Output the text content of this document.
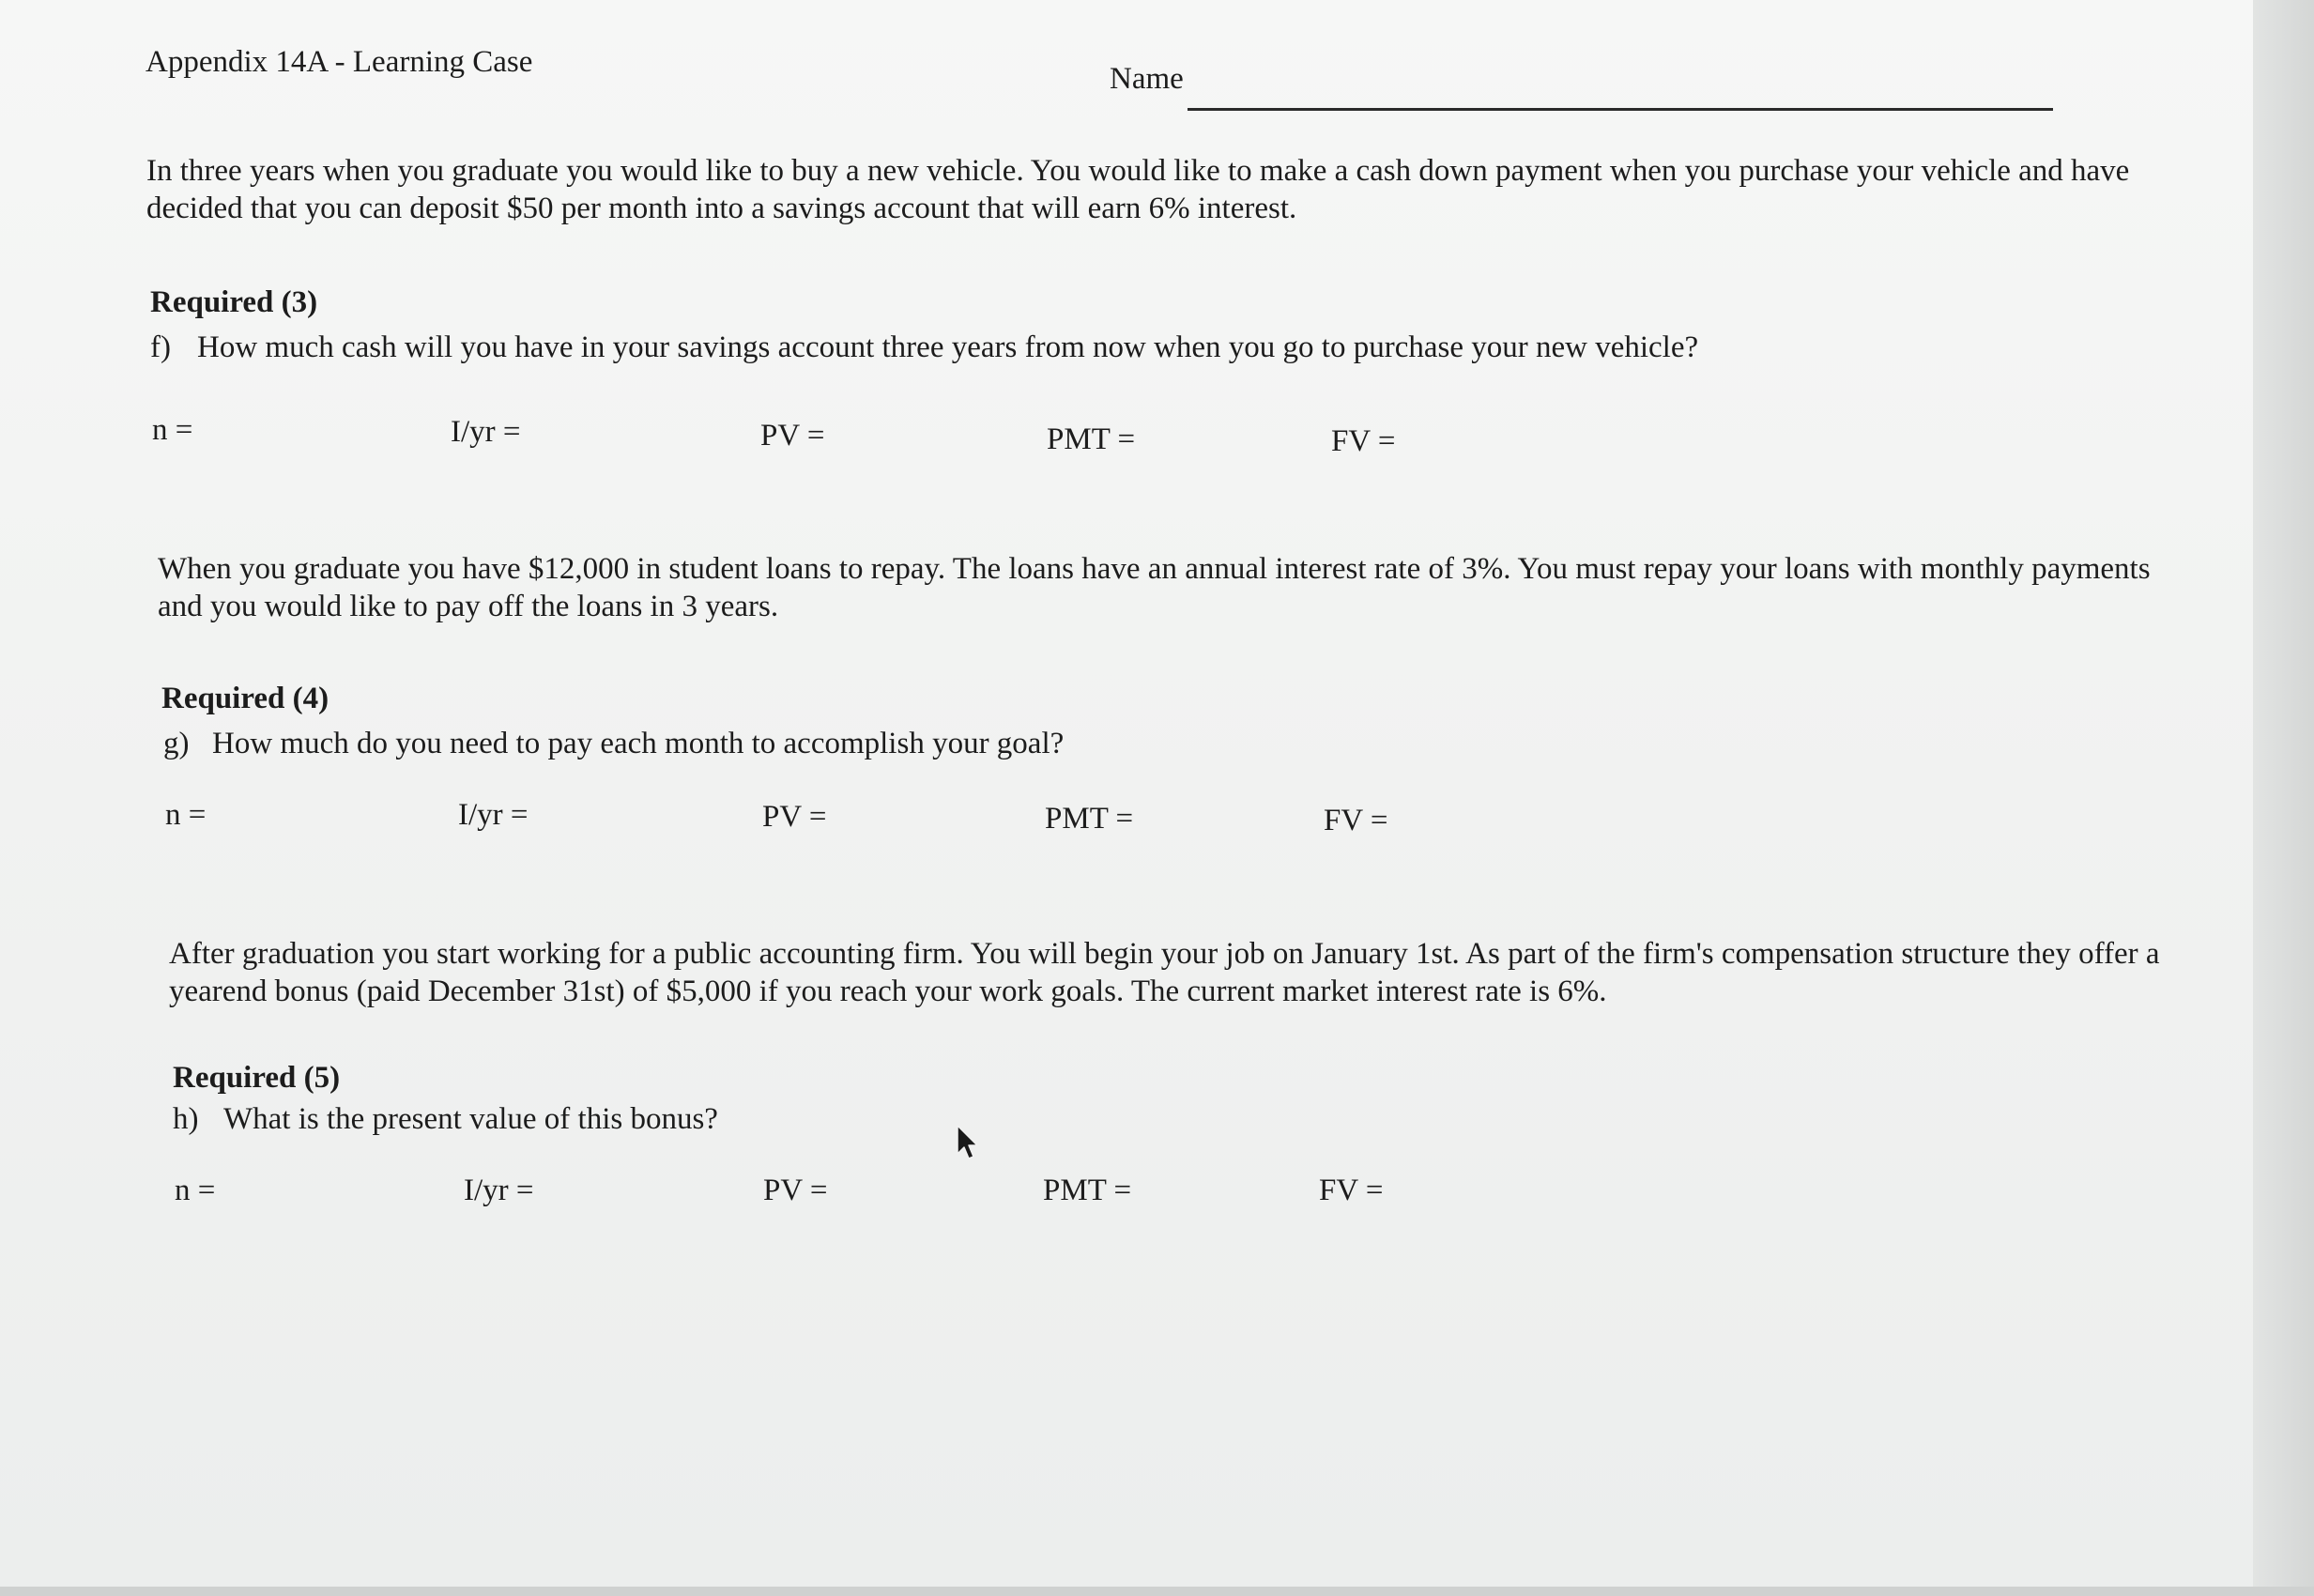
Appendix 14A - Learning Case	Name
In three years when you graduate you would like to buy a new vehicle. You would like to make a cash down payment when you purchase your vehicle and have
decided that you can deposit $50 per month into a savings account that will earn 6% interest.
Required (3)
f) How much cash will you have in your savings account three years from now when you go to purchase your new vehicle?
n =	I/yr =	PV =	PMT =	FV =
When you graduate you have $12,000 in student loans to repay. The loans have an annual interest rate of 3%. You must repay your loans with monthly payments
and you would like to pay off the loans in 3 years.
Required (4)
g) How much do you need to pay each month to accomplish your goal?
n =	I/yr =	PV =	PMT =	FV =
After graduation you start working for a public accounting firm. You will begin your job on January 1st. As part of the firm's compensation structure they offer a
yearend bonus (paid December 31st) of $5,000 if you reach your work goals. The current market interest rate is 6%.
Required (5)
h) What is the present value of this bonus?
n =	I/yr =	PV =	PMT =	FV =
